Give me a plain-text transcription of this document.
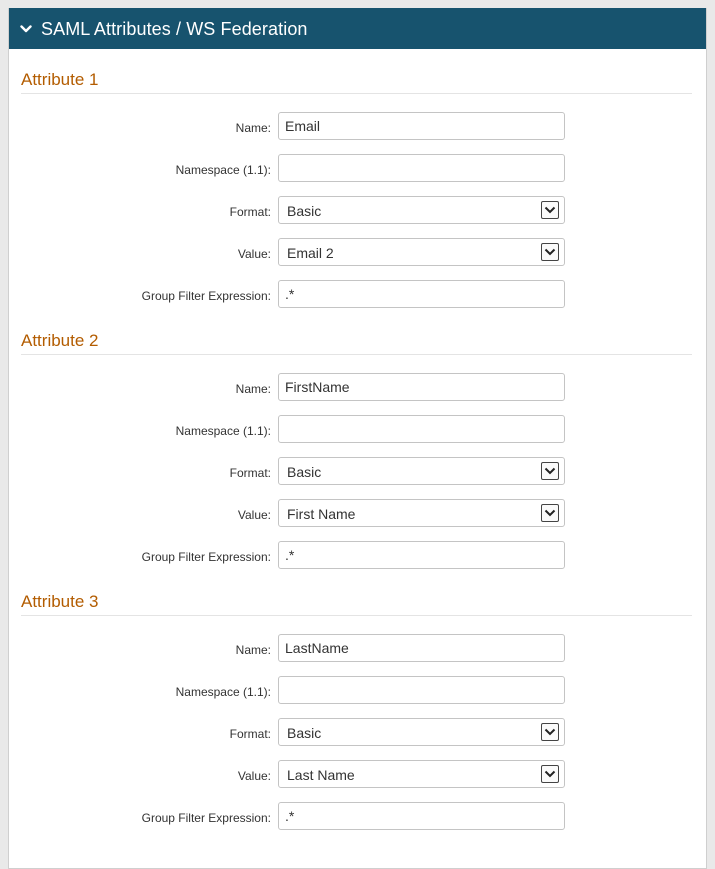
SAML Attributes / WS Federation
Attribute 1
Name:
Email
Namespace (1.1):
Format: Basic
Value: Email 2
Group Filter Expression:
.*
Attribute 2
Name:
FirstName
Namespace (1.1):
Format: Basic
Value: First Name
Group Filter Expression:
.*
Attribute 3
Name:
LastName
Namespace (1.1):
Format: Basic
Value: Last Name
Group Filter Expression:
.*
